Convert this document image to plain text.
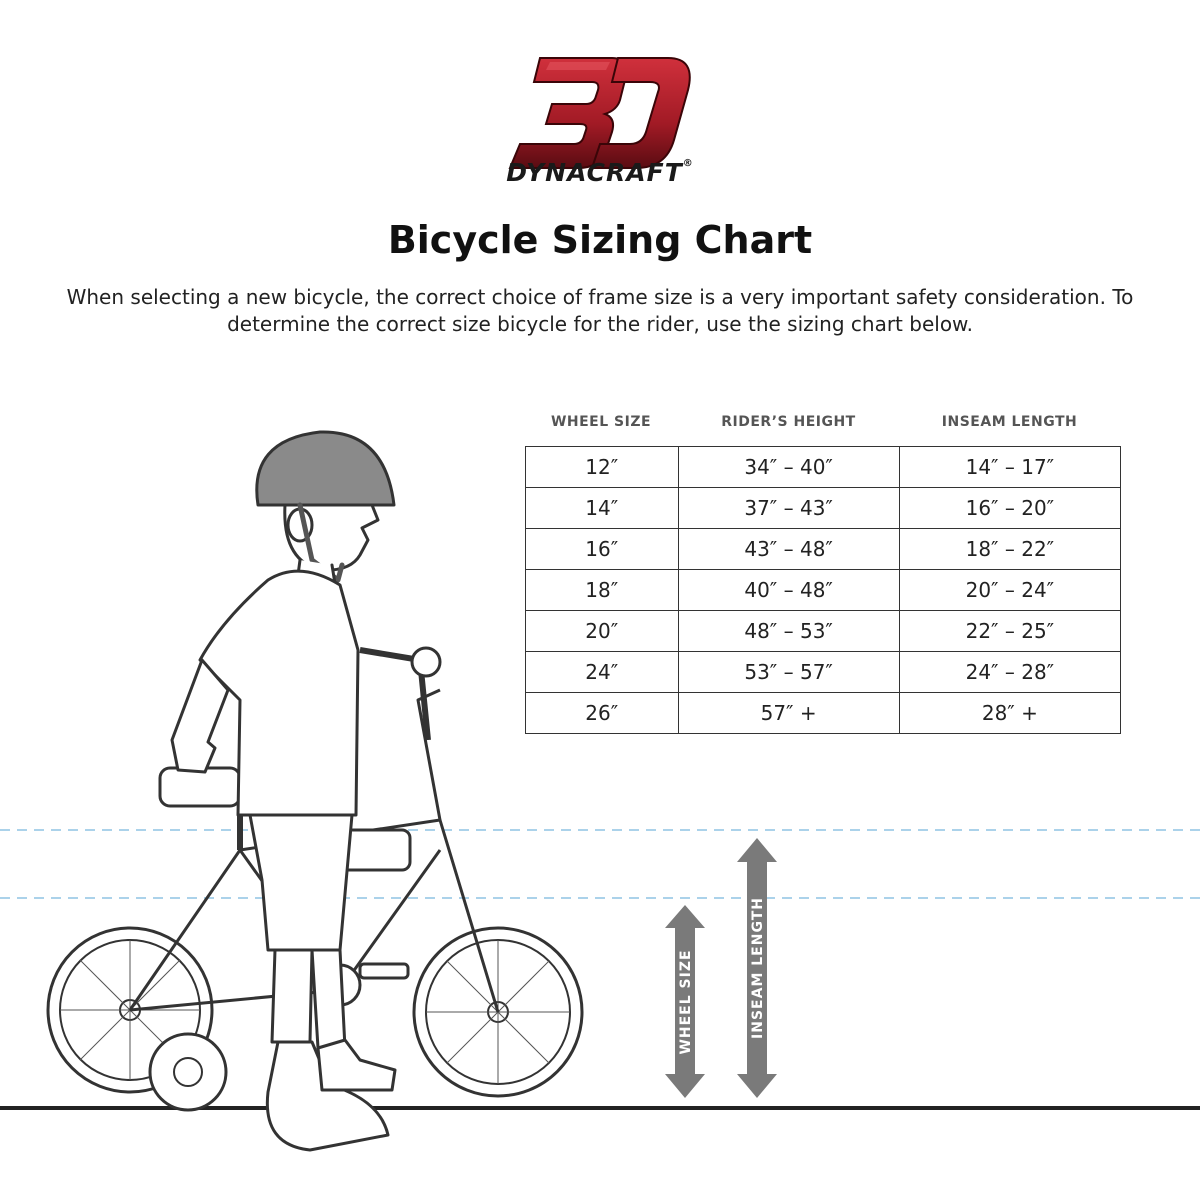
DYNACRAFT®
Bicycle Sizing Chart
When selecting a new bicycle, the correct choice of frame size is a very important safety consideration. To determine the correct size bicycle for the rider, use the sizing chart below.
WHEEL SIZE	RIDER’S HEIGHT	INSEAM LENGTH
12″	34″ – 40″	14″ – 17″
14″	37″ – 43″	16″ – 20″
16″	43″ – 48″	18″ – 22″
18″	40″ – 48″	20″ – 24″
20″	48″ – 53″	22″ – 25″
24″	53″ – 57″	24″ – 28″
26″	57″ +	28″ +
WHEEL SIZE	INSEAM LENGTH
